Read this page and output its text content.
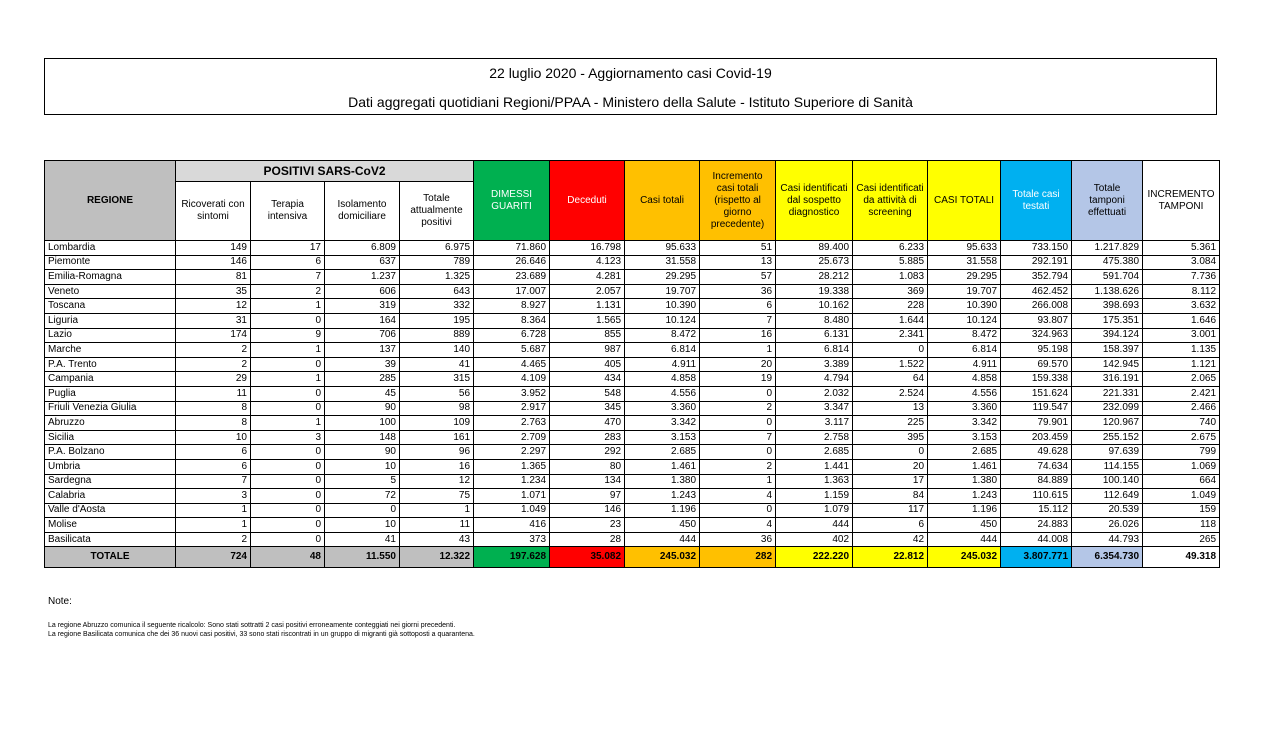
22 luglio 2020 - Aggiornamento casi Covid-19
Dati aggregati quotidiani Regioni/PPAA - Ministero della Salute - Istituto Superiore di Sanità
REGIONE	POSITIVI SARS-CoV2				DIMESSI GUARITI	Deceduti	Casi totali	Incremento casi totali (rispetto al giorno precedente)	Casi identificati dal sospetto diagnostico	Casi identificati da attività di screening	CASI TOTALI	Totale casi testati	Totale tamponi effettuati	INCREMENTO TAMPONI
	Ricoverati con sintomi	Terapia intensiva	Isolamento domiciliare	Totale attualmente positivi										
Lombardia	149	17	6.809	6.975	71.860	16.798	95.633	51	89.400	6.233	95.633	733.150	1.217.829	5.361
Piemonte	146	6	637	789	26.646	4.123	31.558	13	25.673	5.885	31.558	292.191	475.380	3.084
Emilia-Romagna	81	7	1.237	1.325	23.689	4.281	29.295	57	28.212	1.083	29.295	352.794	591.704	7.736
Veneto	35	2	606	643	17.007	2.057	19.707	36	19.338	369	19.707	462.452	1.138.626	8.112
Toscana	12	1	319	332	8.927	1.131	10.390	6	10.162	228	10.390	266.008	398.693	3.632
Liguria	31	0	164	195	8.364	1.565	10.124	7	8.480	1.644	10.124	93.807	175.351	1.646
Lazio	174	9	706	889	6.728	855	8.472	16	6.131	2.341	8.472	324.963	394.124	3.001
Marche	2	1	137	140	5.687	987	6.814	1	6.814	0	6.814	95.198	158.397	1.135
P.A. Trento	2	0	39	41	4.465	405	4.911	20	3.389	1.522	4.911	69.570	142.945	1.121
Campania	29	1	285	315	4.109	434	4.858	19	4.794	64	4.858	159.338	316.191	2.065
Puglia	11	0	45	56	3.952	548	4.556	0	2.032	2.524	4.556	151.624	221.331	2.421
Friuli Venezia Giulia	8	0	90	98	2.917	345	3.360	2	3.347	13	3.360	119.547	232.099	2.466
Abruzzo	8	1	100	109	2.763	470	3.342	0	3.117	225	3.342	79.901	120.967	740
Sicilia	10	3	148	161	2.709	283	3.153	7	2.758	395	3.153	203.459	255.152	2.675
P.A. Bolzano	6	0	90	96	2.297	292	2.685	0	2.685	0	2.685	49.628	97.639	799
Umbria	6	0	10	16	1.365	80	1.461	2	1.441	20	1.461	74.634	114.155	1.069
Sardegna	7	0	5	12	1.234	134	1.380	1	1.363	17	1.380	84.889	100.140	664
Calabria	3	0	72	75	1.071	97	1.243	4	1.159	84	1.243	110.615	112.649	1.049
Valle d'Aosta	1	0	0	1	1.049	146	1.196	0	1.079	117	1.196	15.112	20.539	159
Molise	1	0	10	11	416	23	450	4	444	6	450	24.883	26.026	118
Basilicata	2	0	41	43	373	28	444	36	402	42	444	44.008	44.793	265
TOTALE	724	48	11.550	12.322	197.628	35.082	245.032	282	222.220	22.812	245.032	3.807.771	6.354.730	49.318
Note:
La regione Abruzzo comunica il seguente ricalcolo: Sono stati sottratti 2 casi positivi erroneamente conteggiati nei giorni precedenti.
La regione Basilicata comunica che dei 36 nuovi casi positivi, 33 sono stati riscontrati in un gruppo di migranti già sottoposti a quarantena.
